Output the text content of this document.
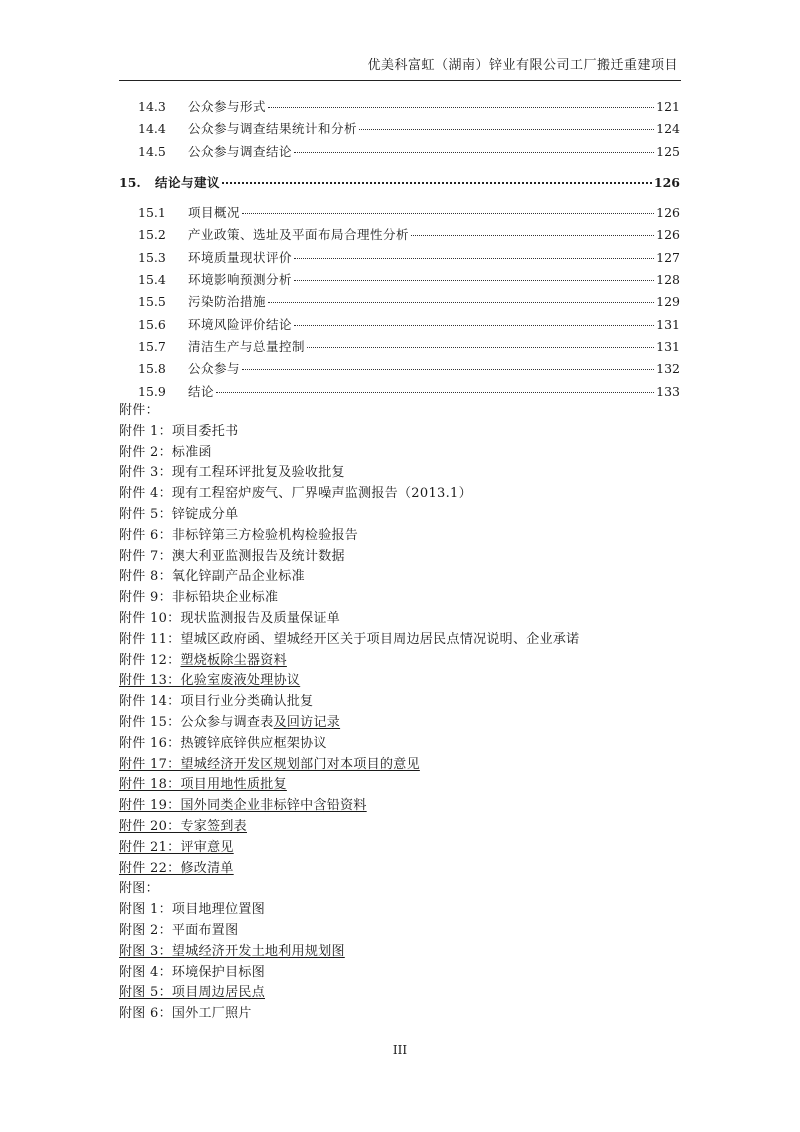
优美科富虹（湖南）锌业有限公司工厂搬迁重建项目
14.3	公众参与形式	121
14.4	公众参与调查结果统计和分析	124
14.5	公众参与调查结论	125
15.	结论与建议	126
15.1	项目概况	126
15.2	产业政策、选址及平面布局合理性分析	126
15.3	环境质量现状评价	127
15.4	环境影响预测分析	128
15.5	污染防治措施	129
15.6	环境风险评价结论	131
15.7	清洁生产与总量控制	131
15.8	公众参与	132
15.9	结论	133
附件：
附件 1：项目委托书
附件 2：标准函
附件 3：现有工程环评批复及验收批复
附件 4：现有工程窑炉废气、厂界噪声监测报告（2013.1）
附件 5：锌锭成分单
附件 6：非标锌第三方检验机构检验报告
附件 7：澳大利亚监测报告及统计数据
附件 8：氧化锌副产品企业标准
附件 9：非标铅块企业标准
附件 10：现状监测报告及质量保证单
附件 11：望城区政府函、望城经开区关于项目周边居民点情况说明、企业承诺
附件 12：塑烧板除尘器资料
附件 13：化验室废液处理协议
附件 14：项目行业分类确认批复
附件 15：公众参与调查表及回访记录
附件 16：热镀锌底锌供应框架协议
附件 17：望城经济开发区规划部门对本项目的意见
附件 18：项目用地性质批复
附件 19：国外同类企业非标锌中含铅资料
附件 20：专家签到表
附件 21：评审意见
附件 22：修改清单
附图：
附图 1：项目地理位置图
附图 2：平面布置图
附图 3：望城经济开发土地利用规划图
附图 4：环境保护目标图
附图 5：项目周边居民点
附图 6：国外工厂照片
III
